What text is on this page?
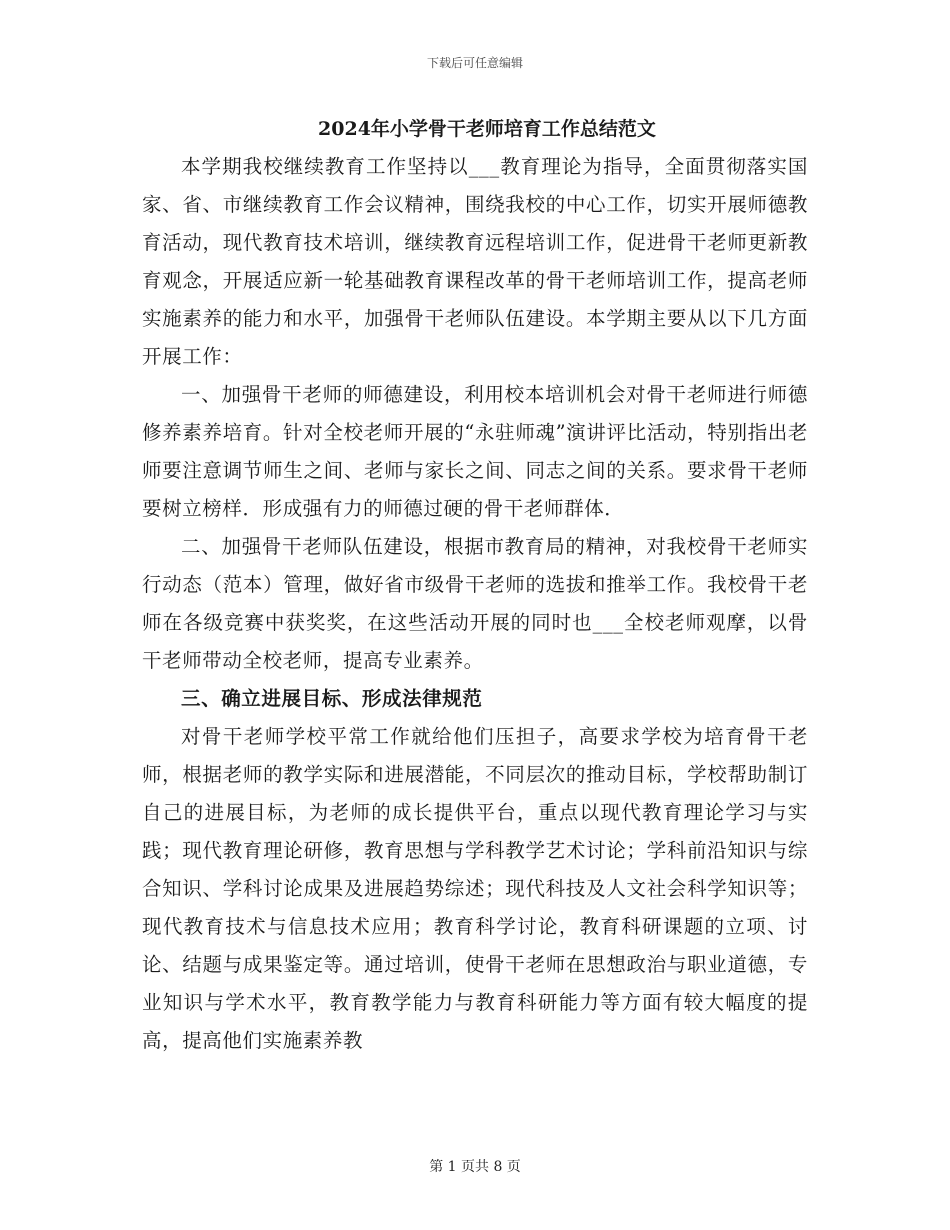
下载后可任意编辑
2024年小学骨干老师培育工作总结范文

本学期我校继续教育工作坚持以___教育理论为指导，全面贯彻落实国家、省、市继续教育工作会议精神，围绕我校的中心工作，切实开展师德教育活动，现代教育技术培训，继续教育远程培训工作，促进骨干老师更新教育观念，开展适应新一轮基础教育课程改革的骨干老师培训工作，提高老师实施素养的能力和水平，加强骨干老师队伍建设。本学期主要从以下几方面开展工作：

一、加强骨干老师的师德建设，利用校本培训机会对骨干老师进行师德修养素养培育。针对全校老师开展的“永驻师魂”演讲评比活动，特别指出老师要注意调节师生之间、老师与家长之间、同志之间的关系。要求骨干老师要树立榜样．形成强有力的师德过硬的骨干老师群体．

二、加强骨干老师队伍建设，根据市教育局的精神，对我校骨干老师实行动态（范本）管理，做好省市级骨干老师的选拔和推举工作。我校骨干老师在各级竞赛中获奖奖，在这些活动开展的同时也___全校老师观摩，以骨干老师带动全校老师，提高专业素养。

三、确立进展目标、形成法律规范

对骨干老师学校平常工作就给他们压担子，高要求学校为培育骨干老师，根据老师的教学实际和进展潜能，不同层次的推动目标，学校帮助制订自己的进展目标，为老师的成长提供平台，重点以现代教育理论学习与实践；现代教育理论研修，教育思想与学科教学艺术讨论；学科前沿知识与综合知识、学科讨论成果及进展趋势综述；现代科技及人文社会科学知识等；现代教育技术与信息技术应用；教育科学讨论，教育科研课题的立项、讨论、结题与成果鉴定等。通过培训，使骨干老师在思想政治与职业道德，专业知识与学术水平，教育教学能力与教育科研能力等方面有较大幅度的提高，提高他们实施素养教

第 1 页共 8 页
